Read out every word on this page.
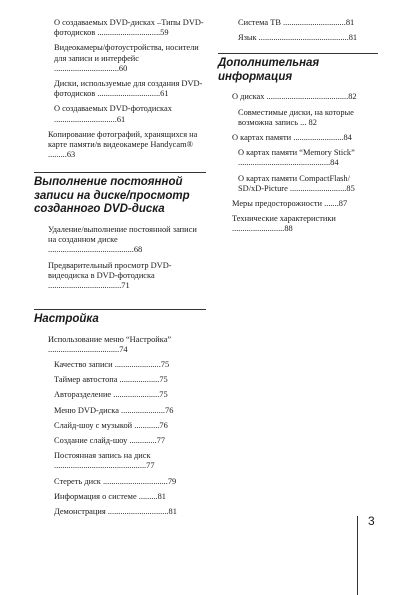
О создаваемых DVD-дисках –Типы DVD-фотодисков ..............................59
Видеокамеры/фотоустройства, носители для записи и интерфейс ...............................60
Диски, используемые для создания DVD-фотодисков ..............................61
О создаваемых DVD-фотодисках ..............................61
Копирование фотографий, хранящихся на карте памяти/в видеокамере Handycam® .........63
Выполнение постоянной записи на диске/просмотр созданного DVD-диска
Удаление/выполнение постоянной записи на созданном диске .........................................68
Предварительный просмотр DVD-видеодиска в DVD-фотодиска ...................................71
Настройка
Использование меню “Настройка” ..................................74
Качество записи ......................75
Таймер автостопа ...................75
Авторазделение ......................75
Меню DVD-диска .....................76
Слайд-шоу с музыкой ............76
Создание слайд-шоу .............77
Постоянная запись на диск ............................................77
Стереть диск ...............................79
Информация о системе .........81
Демонстрация .............................81
Система ТВ ..............................81
Язык ...........................................81
Дополнительная информация
О дисках .......................................82
Совместимые диски, на которые возможна запись ... 82
О картах памяти ........................84
О картах памяти “Memory Stick” ............................................84
О картах памяти CompactFlash/ SD/xD-Picture ...........................85
Меры предосторожности .......87
Технические характеристики .........................88
3
